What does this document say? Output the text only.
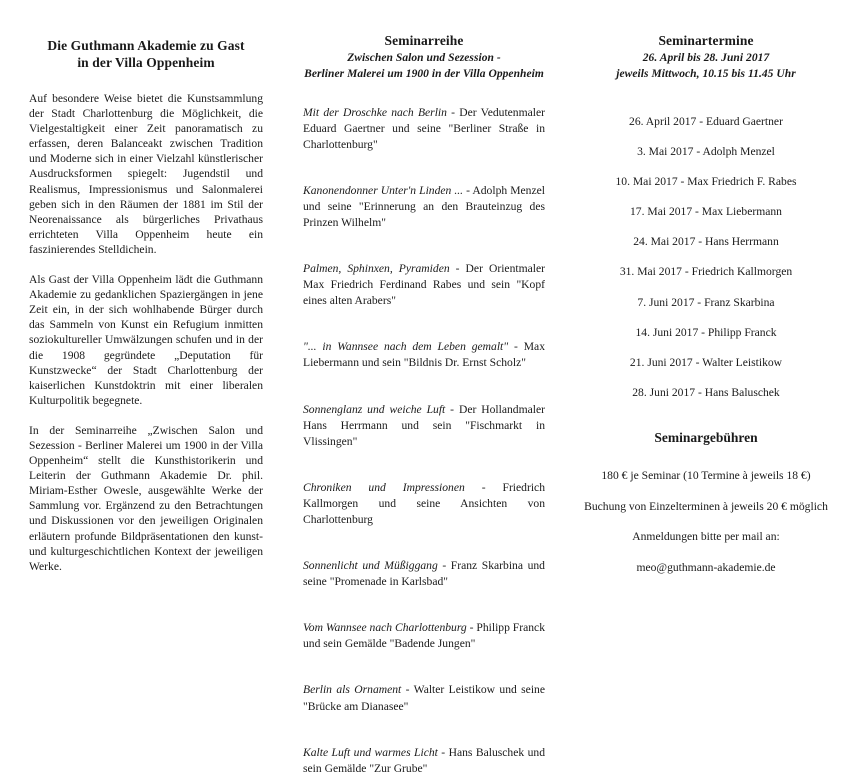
Die Guthmann Akademie zu Gast
in der Villa Oppenheim

Auf besondere Weise bietet die Kunstsammlung der Stadt Charlottenburg die Möglichkeit, die Vielgestaltigkeit einer Zeit panoramatisch zu erfassen, deren Balanceakt zwischen Tradition und Moderne sich in einer Vielzahl künstlerischer Ausdrucksformen spiegelt: Jugendstil und Realismus, Impressionismus und Salonmalerei geben sich in den Räumen der 1881 im Stil der Neorenaissance als bürgerliches Privathaus errichteten Villa Oppenheim heute ein faszinierendes Stelldichein.

Als Gast der Villa Oppenheim lädt die Guthmann Akademie zu gedanklichen Spaziergängen in jene Zeit ein, in der sich wohlhabende Bürger durch das Sammeln von Kunst ein Refugium inmitten soziokultureller Umwälzungen schufen und in der die 1908 gegründete „Deputation für Kunstzwecke“ der Stadt Charlottenburg der kaiserlichen Kunstdoktrin mit einer liberalen Kulturpolitik begegnete.

In der Seminarreihe „Zwischen Salon und Sezession - Berliner Malerei um 1900 in der Villa Oppenheim“ stellt die Kunsthistorikerin und Leiterin der Guthmann Akademie Dr. phil. Miriam-Esther Owesle, ausgewählte Werke der Sammlung vor. Ergänzend zu den Betrachtungen und Diskussionen vor den jeweiligen Originalen erläutern profunde Bildpräsentationen den kunst- und kulturgeschichtlichen Kontext der jeweiligen Werke.

Seminarreihe
Zwischen Salon und Sezession -
Berliner Malerei um 1900 in der Villa Oppenheim

Mit der Droschke nach Berlin - Der Vedutenmaler Eduard Gaertner und seine "Berliner Straße in Charlottenburg"

Kanonendonner Unter'n Linden ... - Adolph Menzel und seine "Erinnerung an den Brauteinzug des Prinzen Wilhelm"

Palmen, Sphinxen, Pyramiden - Der Orientmaler Max Friedrich Ferdinand Rabes und sein "Kopf eines alten Arabers"

"... in Wannsee nach dem Leben gemalt" - Max Liebermann und sein "Bildnis Dr. Ernst Scholz"

Sonnenglanz und weiche Luft - Der Hollandmaler Hans Herrmann und sein "Fischmarkt in Vlissingen"

Chroniken und Impressionen - Friedrich Kallmorgen und seine Ansichten von Charlottenburg

Sonnenlicht und Müßiggang - Franz Skarbina und seine "Promenade in Karlsbad"

Vom Wannsee nach Charlottenburg - Philipp Franck und sein Gemälde "Badende Jungen"

Berlin als Ornament - Walter Leistikow und seine "Brücke am Dianasee"

Kalte Luft und warmes Licht - Hans Baluschek und sein Gemälde "Zur Grube"

Seminartermine
26. April bis 28. Juni 2017
jeweils Mittwoch, 10.15 bis 11.45 Uhr

26. April 2017 - Eduard Gaertner

3. Mai 2017 - Adolph Menzel

10. Mai 2017 - Max Friedrich F. Rabes

17. Mai 2017 - Max Liebermann

24. Mai 2017 - Hans Herrmann

31. Mai 2017 - Friedrich Kallmorgen

7. Juni 2017 - Franz Skarbina

14. Juni 2017 - Philipp Franck

21. Juni 2017 - Walter Leistikow

28. Juni 2017 - Hans Baluschek

Seminargebühren

180 € je Seminar (10 Termine à jeweils 18 €)

Buchung von Einzelterminen à jeweils 20 € möglich

Anmeldungen bitte per mail an:

meo@guthmann-akademie.de
